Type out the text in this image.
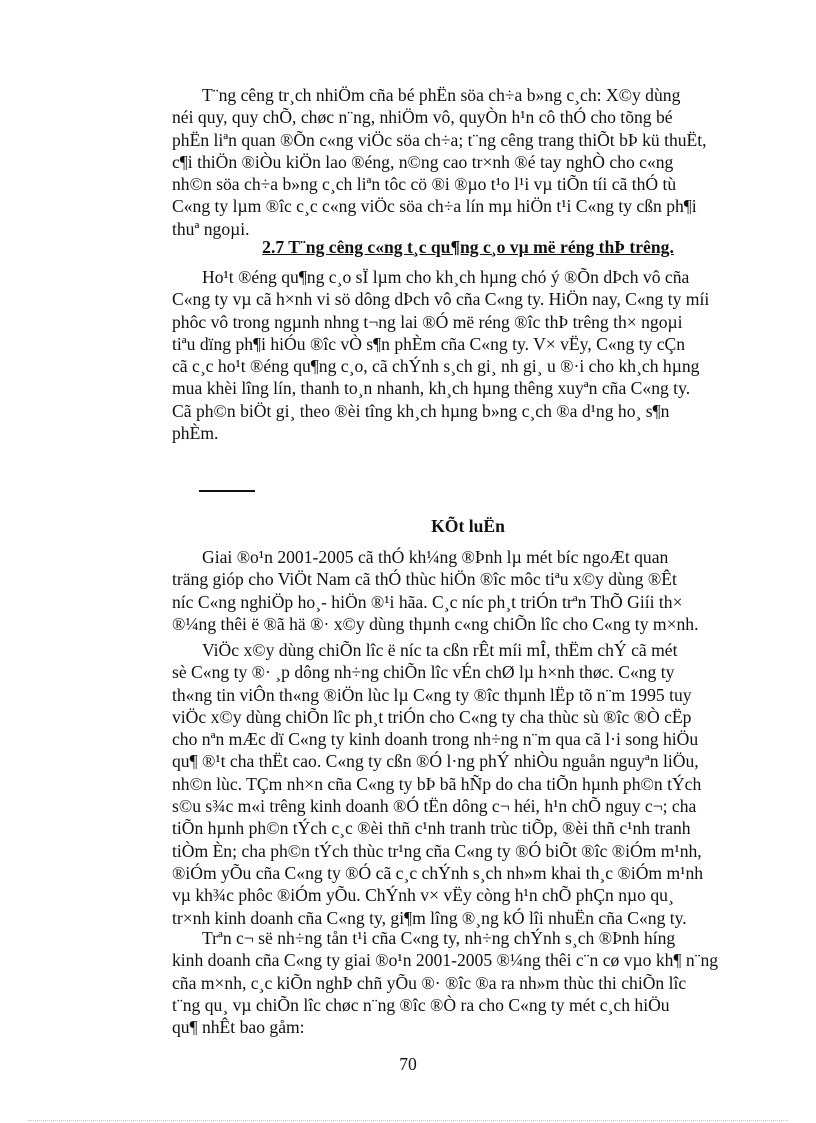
T¨ng cêng tr¸ch nhiÖm cña bé phËn söa ch÷a b»ng c¸ch: X©y dùng
néi quy, quy chÕ, chøc n¨ng, nhiÖm vô, quyÒn h¹n cô thÓ cho tõng bé
phËn liªn quan ®Õn c«ng viÖc söa ch÷a; t¨ng cêng trang thiÕt bÞ kü thuËt,
c¶i thiÖn ®iÒu kiÖn lao ®éng, n©ng cao tr×nh ®é tay nghÒ cho c«ng
nh©n söa ch÷a b»ng c¸ch liªn tôc cö ®i ®µo t¹o l¹i vµ tiÕn tíi cã thÓ tù
C«ng ty lµm ®îc c¸c c«ng viÖc söa ch÷a lín mµ hiÖn t¹i C«ng ty cßn ph¶i
thuª ngoµi.
2.7 T¨ng cêng c«ng t¸c qu¶ng c¸o vµ më réng thÞ trêng.
Ho¹t ®éng qu¶ng c¸o sÏ lµm cho kh¸ch hµng chó ý ®Õn dÞch vô cña
C«ng ty vµ cã h×nh vi sö dông dÞch vô cña C«ng ty. HiÖn nay, C«ng ty míi
phôc vô trong ngµnh nhng t¬ng lai ®Ó më réng ®îc thÞ trêng th× ngoµi
tiªu dïng ph¶i hiÓu ®îc vÒ s¶n phÈm cña C«ng ty. V× vËy, C«ng ty cÇn
cã c¸c ho¹t ®éng qu¶ng c¸o, cã chÝnh s¸ch gi¸ nh gi¸ u ®·i cho kh¸ch hµng
mua khèi lîng lín, thanh to¸n nhanh, kh¸ch hµng thêng xuyªn cña C«ng ty.
Cã ph©n biÖt gi¸ theo ®èi tîng kh¸ch hµng b»ng c¸ch ®a d¹ng ho¸ s¶n
phÈm.
KÕt luËn
Giai ®o¹n 2001-2005 cã thÓ kh¼ng ®Þnh lµ mét bíc ngoÆt quan
träng gióp cho ViÖt Nam cã thÓ thùc hiÖn ®îc môc tiªu x©y dùng ®Êt
níc C«ng nghiÖp ho¸- hiÖn ®¹i hãa. C¸c níc ph¸t triÓn trªn ThÕ Giíi th×
®¼ng thêi ë ®ã hä ®· x©y dùng thµnh c«ng chiÕn lîc cho C«ng ty m×nh.
ViÖc x©y dùng chiÕn lîc ë níc ta cßn rÊt míi mÎ, thËm chÝ cã mét
sè C«ng ty ®· ¸p dông nh÷ng chiÕn lîc vÉn chØ lµ h×nh thøc. C«ng ty
th«ng tin viÔn th«ng ®iÖn lùc lµ C«ng ty ®îc thµnh lËp tõ n¨m 1995 tuy
viÖc x©y dùng chiÕn lîc ph¸t triÓn cho C«ng ty cha thùc sù ®îc ®Ò cËp
cho nªn mÆc dï C«ng ty kinh doanh trong nh÷ng n¨m qua cã l·i song hiÖu
qu¶ ®¹t cha thËt cao. C«ng ty cßn ®Ó l·ng phÝ nhiÒu nguån nguyªn liÖu,
nh©n lùc. TÇm nh×n cña C«ng ty bÞ bã hÑp do cha tiÕn hµnh ph©n tÝch
s©u s¾c m«i trêng kinh doanh ®Ó tËn dông c¬ héi, h¹n chÕ nguy c¬; cha
tiÕn hµnh ph©n tÝch c¸c ®èi thñ c¹nh tranh trùc tiÕp, ®èi thñ c¹nh tranh
tiÒm Èn; cha ph©n tÝch thùc tr¹ng cña C«ng ty ®Ó biÕt ®îc ®iÓm m¹nh,
®iÓm yÕu cña C«ng ty ®Ó cã c¸c chÝnh s¸ch nh»m khai th¸c ®iÓm m¹nh
vµ kh¾c phôc ®iÓm yÕu. ChÝnh v× vËy còng h¹n chÕ phÇn nµo qu¸
tr×nh kinh doanh cña C«ng ty, gi¶m lîng ®¸ng kÓ lîi nhuËn cña C«ng ty.
Trªn c¬ së nh÷ng tån t¹i cña C«ng ty, nh÷ng chÝnh s¸ch ®Þnh híng
kinh doanh cña C«ng ty giai ®o¹n 2001-2005 ®¼ng thêi c¨n cø vµo kh¶ n¨ng
cña m×nh, c¸c kiÕn nghÞ chñ yÕu ®· ®îc ®a ra nh»m thùc thi chiÕn lîc
t¨ng qu¸ vµ chiÕn lîc chøc n¨ng ®îc ®Ò ra cho C«ng ty mét c¸ch hiÖu
qu¶ nhÊt bao gåm:
70
